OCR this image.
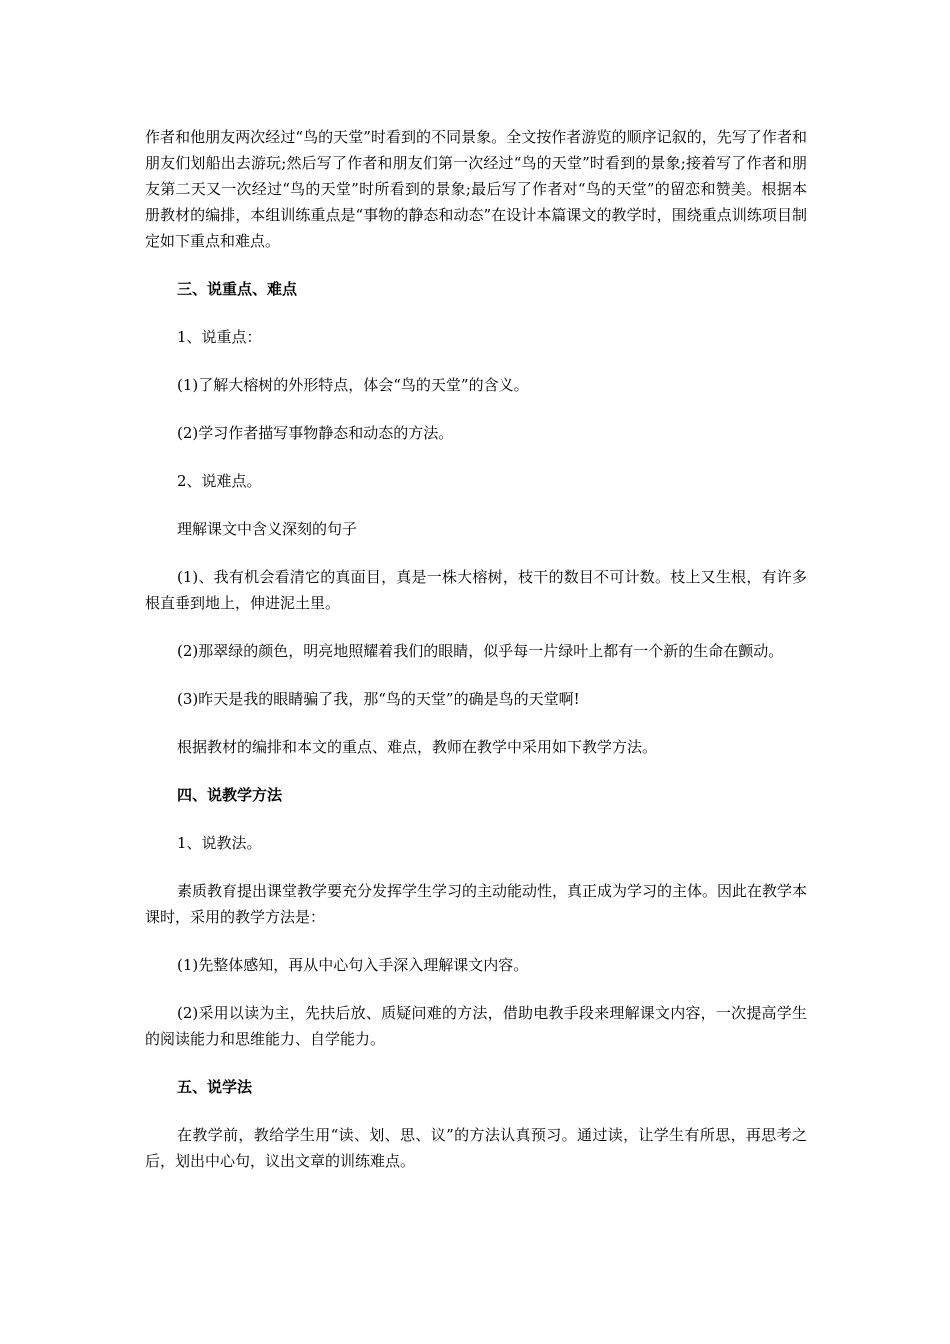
作者和他朋友两次经过“鸟的天堂”时看到的不同景象。全文按作者游览的顺序记叙的，先写了作者和朋友们划船出去游玩;然后写了作者和朋友们第一次经过“鸟的天堂”时看到的景象;接着写了作者和朋友第二天又一次经过“鸟的天堂”时所看到的景象;最后写了作者对“鸟的天堂”的留恋和赞美。根据本册教材的编排，本组训练重点是“事物的静态和动态”在设计本篇课文的教学时，围绕重点训练项目制定如下重点和难点。

三、说重点、难点

1、说重点：

(1)了解大榕树的外形特点，体会“鸟的天堂”的含义。

(2)学习作者描写事物静态和动态的方法。

2、说难点。

理解课文中含义深刻的句子

(1)、我有机会看清它的真面目，真是一株大榕树，枝干的数目不可计数。枝上又生根，有许多根直垂到地上，伸进泥土里。

(2)那翠绿的颜色，明亮地照耀着我们的眼睛，似乎每一片绿叶上都有一个新的生命在颤动。

(3)昨天是我的眼睛骗了我，那“鸟的天堂”的确是鸟的天堂啊!

根据教材的编排和本文的重点、难点，教师在教学中采用如下教学方法。

四、说教学方法

1、说教法。

素质教育提出课堂教学要充分发挥学生学习的主动能动性，真正成为学习的主体。因此在教学本课时，采用的教学方法是：

(1)先整体感知，再从中心句入手深入理解课文内容。

(2)采用以读为主，先扶后放、质疑问难的方法，借助电教手段来理解课文内容，一次提高学生的阅读能力和思维能力、自学能力。

五、说学法

在教学前，教给学生用“读、划、思、议”的方法认真预习。通过读，让学生有所思，再思考之后，划出中心句，议出文章的训练难点。
